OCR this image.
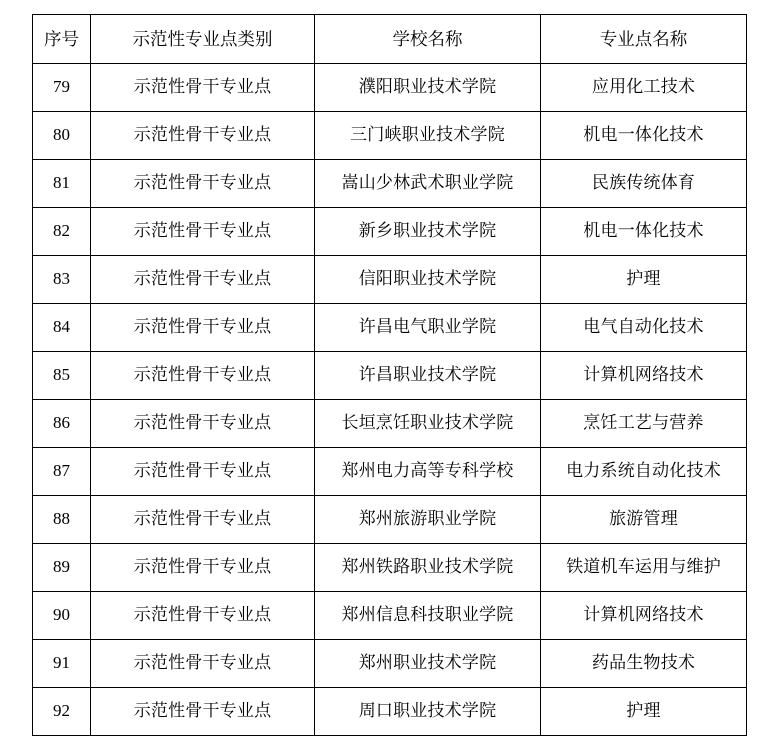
序号	示范性专业点类别	学校名称	专业点名称
79	示范性骨干专业点	濮阳职业技术学院	应用化工技术
80	示范性骨干专业点	三门峡职业技术学院	机电一体化技术
81	示范性骨干专业点	嵩山少林武术职业学院	民族传统体育
82	示范性骨干专业点	新乡职业技术学院	机电一体化技术
83	示范性骨干专业点	信阳职业技术学院	护理
84	示范性骨干专业点	许昌电气职业学院	电气自动化技术
85	示范性骨干专业点	许昌职业技术学院	计算机网络技术
86	示范性骨干专业点	长垣烹饪职业技术学院	烹饪工艺与营养
87	示范性骨干专业点	郑州电力高等专科学校	电力系统自动化技术
88	示范性骨干专业点	郑州旅游职业学院	旅游管理
89	示范性骨干专业点	郑州铁路职业技术学院	铁道机车运用与维护
90	示范性骨干专业点	郑州信息科技职业学院	计算机网络技术
91	示范性骨干专业点	郑州职业技术学院	药品生物技术
92	示范性骨干专业点	周口职业技术学院	护理
